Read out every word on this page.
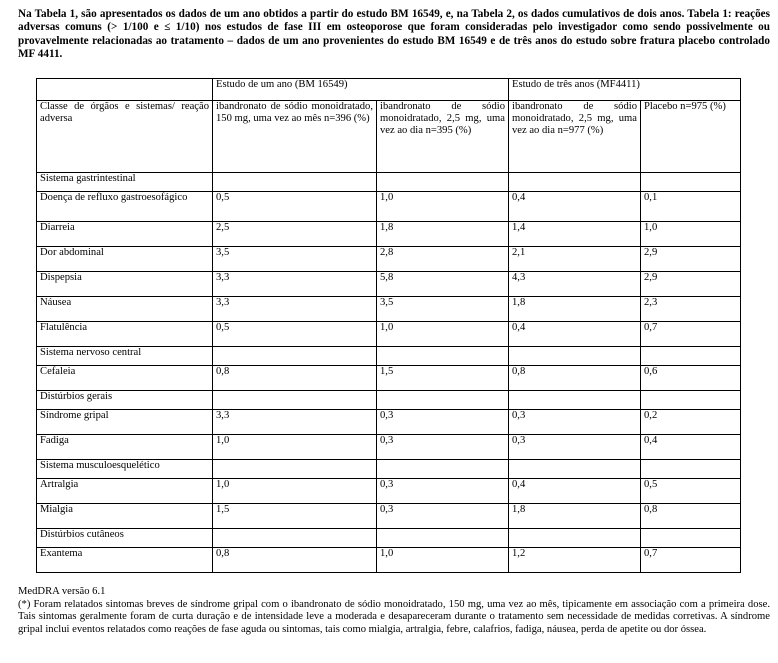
Na Tabela 1, são apresentados os dados de um ano obtidos a partir do estudo BM 16549, e, na Tabela 2, os dados cumulativos de dois anos. Tabela 1: reações adversas comuns (> 1/100 e ≤ 1/10) nos estudos de fase III em osteoporose que foram consideradas pelo investigador como sendo possivelmente ou provavelmente relacionadas ao tratamento – dados de um ano provenientes do estudo BM 16549 e de três anos do estudo sobre fratura placebo controlado MF 4411.
	Estudo de um ano (BM 16549)		Estudo de três anos (MF4411)	
Classe de órgãos e sistemas/ reação adversa	ibandronato de sódio monoidratado, 150 mg, uma vez ao mês n=396 (%)	ibandronato de sódio monoidratado, 2,5 mg, uma vez ao dia n=395 (%)	ibandronato de sódio monoidratado, 2,5 mg, uma vez ao dia n=977 (%)	Placebo n=975 (%)
Sistema gastrintestinal				
Doença de refluxo gastroesofágico	0,5	1,0	0,4	0,1
Diarreia	2,5	1,8	1,4	1,0
Dor abdominal	3,5	2,8	2,1	2,9
Dispepsia	3,3	5,8	4,3	2,9
Náusea	3,3	3,5	1,8	2,3
Flatulência	0,5	1,0	0,4	0,7
Sistema nervoso central				
Cefaleia	0,8	1,5	0,8	0,6
Distúrbios gerais				
Síndrome gripal	3,3	0,3	0,3	0,2
Fadiga	1,0	0,3	0,3	0,4
Sistema musculoesquelético				
Artralgia	1,0	0,3	0,4	0,5
Mialgia	1,5	0,3	1,8	0,8
Distúrbios cutâneos				
Exantema	0,8	1,0	1,2	0,7
MedDRA versão 6.1
(*) Foram relatados sintomas breves de síndrome gripal com o ibandronato de sódio monoidratado, 150 mg, uma vez ao mês, tipicamente em associação com a primeira dose. Tais sintomas geralmente foram de curta duração e de intensidade leve a moderada e desapareceram durante o tratamento sem necessidade de medidas corretivas. A síndrome gripal inclui eventos relatados como reações de fase aguda ou sintomas, tais como mialgia, artralgia, febre, calafrios, fadiga, náusea, perda de apetite ou dor óssea.
